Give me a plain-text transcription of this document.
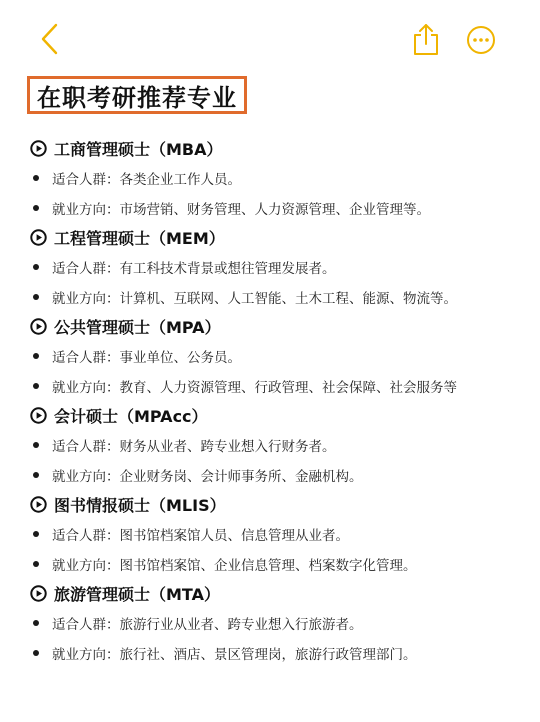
在职考研推荐专业
工商管理硕士（MBA）
适合人群：各类企业工作人员。
就业方向：市场营销、财务管理、人力资源管理、企业管理等。
工程管理硕士（MEM）
适合人群：有工科技术背景或想往管理发展者。
就业方向：计算机、互联网、人工智能、土木工程、能源、物流等。
公共管理硕士（MPA）
适合人群：事业单位、公务员。
就业方向：教育、人力资源管理、行政管理、社会保障、社会服务等
会计硕士（MPAcc）
适合人群：财务从业者、跨专业想入行财务者。
就业方向：企业财务岗、会计师事务所、金融机构。
图书情报硕士（MLIS）
适合人群：图书馆档案馆人员、信息管理从业者。
就业方向：图书馆档案馆、企业信息管理、档案数字化管理。
旅游管理硕士（MTA）
适合人群：旅游行业从业者、跨专业想入行旅游者。
就业方向：旅行社、酒店、景区管理岗，旅游行政管理部门。
